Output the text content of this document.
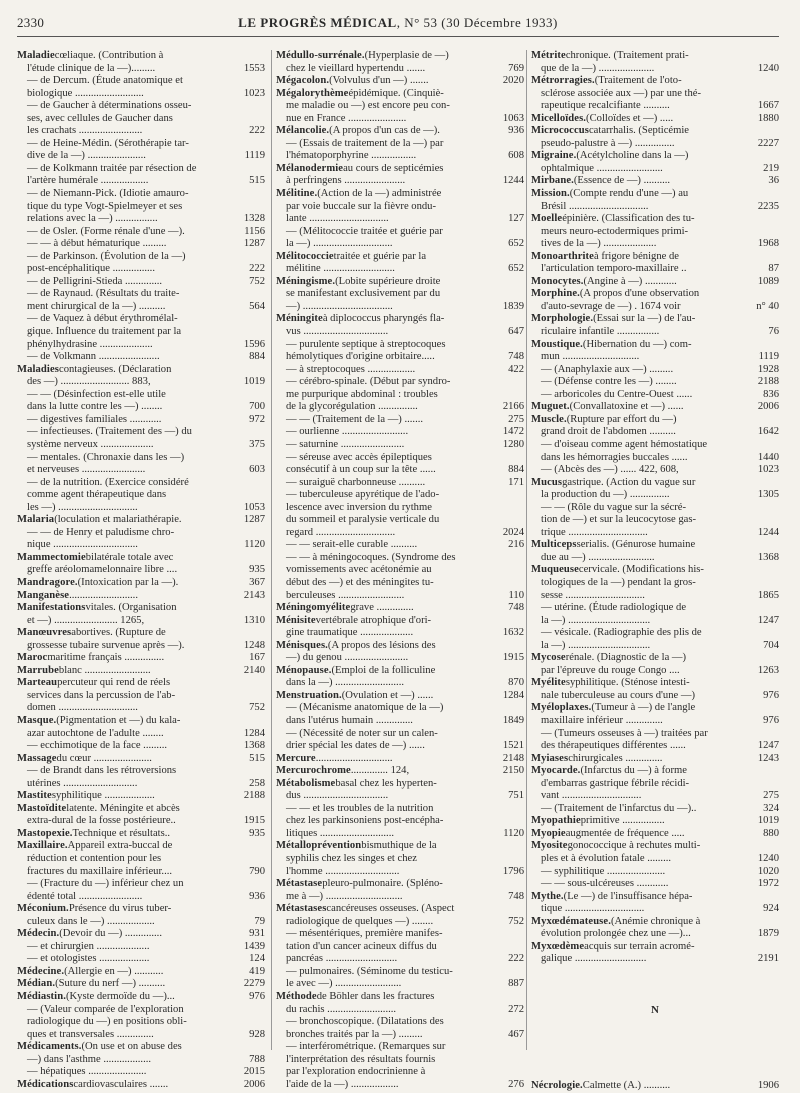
2330	LE PROGRÈS MÉDICAL, N° 53 (30 Décembre 1933)
Maladiecœliaque. (Contribution à
l'étude clinique de la —).........	1553
— de Dercum. (Étude anatomique et
biologique ..........................	1023
— de Gaucher à déterminations osseu-
ses, avec cellules de Gaucher dans
les crachats ........................	222
— de Heine-Médin. (Sérothérapie tar-
dive de la —) ......................	1119
— de Kolkmann traitée par résection de
l'artère humérale ..................	515
— de Niemann-Pick. (Idiotie amauro-
tique du type Vogt-Spielmeyer et ses
relations avec la —) ................	1328
— de Osler. (Forme rénale d'une —).	1156
— — à début hématurique .........	1287
— de Parkinson. (Évolution de la —)
post-encéphalitique ................	222
— de Pelligrini-Stieda ..............	752
— de Raynaud. (Résultats du traite-
ment chirurgical de la —) ..........	564
— de Vaquez à début érythromélal-
gique. Influence du traitement par la
phénylhydrasine ....................	1596
— de Volkmann .......................	884
Maladiescontagieuses. (Déclaration
des —) .......................... 883,	1019
— — (Désinfection est-elle utile
dans la lutte contre les —) ........	700
— digestives familiales ............	972
— infectieuses. (Traitement des —) du
système nerveux ....................	375
— mentales. (Chronaxie dans les —)
et nerveuses ........................	603
— de la nutrition. (Exercice considéré
comme agent thérapeutique dans
les —) ..............................	1053
Malaria(loculation et malariathérapie.	1287
— — de Henry et paludisme chro-
nique ................................	1120
Mammectomiebilatérale totale avec
greffe aréolomamelonnaire libre ....	935
Mandragore.(Intoxication par la —).	367
Manganèse..........................	2143
Manifestationsvitales. (Organisation
et —) ........................ 1265,	1310
Manœuvresabortives. (Rupture de
grossesse tubaire survenue après —).	1248
Marocmaritime français ...............	167
Marrubeblanc .........................	2140
Marteaupercuteur qui rend de réels
services dans la percussion de l'ab-
domen ..............................	752
Masque.(Pigmentation et —) du kala-
azar autochtone de l'adulte ........	1284
— ecchimotique de la face .........	1368
Massagedu cœur ......................	515
— de Brandt dans les rétroversions
utérines ............................	258
Mastitesyphilitique ...................	2188
Mastoïditelatente. Méningite et abcès
extra-dural de la fosse postérieure..	1915
Mastopexie.Technique et résultats..	935
Maxillaire.Appareil extra-buccal de
réduction et contention pour les
fractures du maxillaire inférieur....	790
— (Fracture du —) inférieur chez un
édenté total ........................	936
Méconium.Présence du virus tuber-
culeux dans le —) ..................	79
Médecin.(Devoir du —) ..............	931
— et chirurgien ....................	1439
— et otologistes ...................	124
Médecine.(Allergie en —) ...........	419
Médian.(Suture du nerf —) ..........	2279
Médiastin.(Kyste dermoïde du —)...	976
— (Valeur comparée de l'exploration
radiologique du —) en positions obli-
ques et transversales ..............	928
Médicaments.(On use et on abuse des
—) dans l'asthme ..................	788
— hépatiques ......................	2015
Médicationscardiovasculaires .......	2006
Médullo-surrénale.(Hyperplasie de —)
chez le vieillard hypertendu .......	769
Mégacolon.(Volvulus d'un —) .......	2020
Mégalorythèmeépidémique. (Cinquiè-
me maladie ou —) est encore peu con-
nue en France ......................	1063
Mélancolie.(A propos d'un cas de —).	936
— (Essais de traitement de la —) par
l'hématoporphyrine .................	608
Mélanodermieau cours de septicémies
à perfringens .......................	1244
Mélitine.(Action de la —) administrée
par voie buccale sur la fièvre ondu-
lante ..............................	127
— (Mélitococcie traitée et guérie par
la —) ..............................	652
Mélitococcietraitée et guérie par la
mélitine ...........................	652
Méningisme.(Lobite supérieure droite
se manifestant exclusivement par du
—) ..................................	1839
Méningiteà diplococcus pharyngés fla-
vus ................................	647
— purulente septique à streptocoques
hémolytiques d'origine orbitaire.....	748
— à streptocoques ..................	422
— cérébro-spinale. (Début par syndro-
me purpurique abdominal : troubles
de la glycorégulation ...............	2166
— — (Traitement de la —) .......	275
— ourlienne .........................	1472
— saturnine ........................	1280
— séreuse avec accès épileptiques
consécutif à un coup sur la tête ......	884
— suraiguë charbonneuse ..........	171
— tuberculeuse apyrétique de l'ado-
lescence avec inversion du rythme
du sommeil et paralysie verticale du
regard ..............................	2024
— — serait-elle curable ..........	216
— — à méningocoques. (Syndrome des
vomissements avec acétonémie au
début des —) et des méningites tu-
berculeuses .........................	110
Méningomyélitegrave ..............	748
Ménisitevertébrale atrophique d'ori-
gine traumatique ....................	1632
Ménisques.(A propos des lésions des
—) du genou ........................	1915
Ménopause.(Emploi de la folliculine
dans la —) ..........................	870
Menstruation.(Ovulation et —) ......	1284
— (Mécanisme anatomique de la —)
dans l'utérus humain ..............	1849
— (Nécessité de noter sur un calen-
drier spécial les dates de —) ......	1521
Mercure.............................	2148
Mercurochrome.............. 124,	2150
Métabolismebasal chez les hyperten-
dus ................................	751
— — et les troubles de la nutrition
chez les parkinsoniens post-encépha-
litiques ............................	1120
Métallopréventionbismuthique de la
syphilis chez les singes et chez
l'homme ............................	1796
Métastasepleuro-pulmonaire. (Spléno-
me à —) .............................	748
Métastasescancéreuses osseuses. (Aspect
radiologique de quelques —) ........	752
— mésentériques, première manifes-
tation d'un cancer acineux diffus du
pancréas ...........................	222
— pulmonaires. (Séminome du testicu-
le avec —) .........................	887
Méthodede Böhler dans les fractures
du rachis ..........................	272
— bronchoscopique. (Dilatations des
bronches traités par la —) .........	467
— interférométrique. (Remarques sur
l'interprétation des résultats fournis
par l'exploration endocrinienne à
l'aide de la —) ..................	276
Métritechronique. (Traitement prati-
que de la —) .....................	1240
Métrorragies.(Traitement de l'oto-
sclérose associée aux —) par une thé-
rapeutique recalcifiante ..........	1667
Micelloïdes.(Colloïdes et —) .....	1880
Micrococcuscatarrhalis. (Septicémie
pseudo-palustre à —) ...............	2227
Migraine.(Acétylcholine dans la —)
ophtalmique .........................	219
Mirbane.(Essence de —) ..........	36
Mission.(Compte rendu d'une —) au
Brésil ..............................	2235
Moelleépinière. (Classification des tu-
meurs neuro-ectodermiques primi-
tives de la —) ....................	1968
Monoarthriteà frigore bénigne de
l'articulation temporo-maxillaire ..	87
Monocytes.(Angine à —) ............	1089
Morphine.(A propos d'une observation
d'auto-sevrage de —) . 1674 voir	n° 40
Morphologie.(Essai sur la —) de l'au-
riculaire infantile ................	76
Moustique.(Hibernation du —) com-
mun .............................	1119
— (Anaphylaxie aux —) .........	1928
— (Défense contre les —) ........	2188
— arboricoles du Centre-Ouest ......	836
Muguet.(Convallatoxine et —) ......	2006
Muscle.(Rupture par effort du —)
grand droit de l'abdomen ..........	1642
— d'oiseau comme agent hémostatique
dans les hémorragies buccales ......	1440
— (Abcès des —) ...... 422, 608,	1023
Mucusgastrique. (Action du vague sur
la production du —) ...............	1305
— — (Rôle du vague sur la sécré-
tion de —) et sur la leucocytose gas-
trique ..............................	1244
Multicepsserialis. (Génurose humaine
due au —) .........................	1368
Muqueusecervicale. (Modifications his-
tologiques de la —) pendant la gros-
sesse ..............................	1865
— utérine. (Étude radiologique de
la —) ...............................	1247
— vésicale. (Radiographie des plis de
la —) ...............................	704
Mycoserénale. (Diagnostic de la —)
par l'épreuve du rouge Congo ....	1263
Myélitesyphilitique. (Sténose intesti-
nale tuberculeuse au cours d'une —)	976
Myéloplaxes.(Tumeur à —) de l'angle
maxillaire inférieur ..............	976
— (Tumeurs osseuses à —) traitées par
des thérapeutiques différentes ......	1247
Myiaseschirurgicales ..............	1243
Myocarde.(Infarctus du —) à forme
d'embarras gastrique fébrile récidi-
vant ..............................	275
— (Traitement de l'infarctus du —)..	324
Myopathieprimitive ................	1019
Myopieaugmentée de fréquence .....	880
Myositegonococcique à rechutes multi-
ples et à évolution fatale .........	1240
— syphilitique ......................	1020
— — sous-ulcéreuses ............	1972
Mythe.(Le —) de l'insuffisance hépa-
tique ..............................	924
Myxœdémateuse.(Anémie chronique à
évolution prolongée chez une —)...	1879
Myxœdèmeacquis sur terrain acromé-
galique ...........................	2191
N
Nécrologie.Calmette (A.) ..........	1906
